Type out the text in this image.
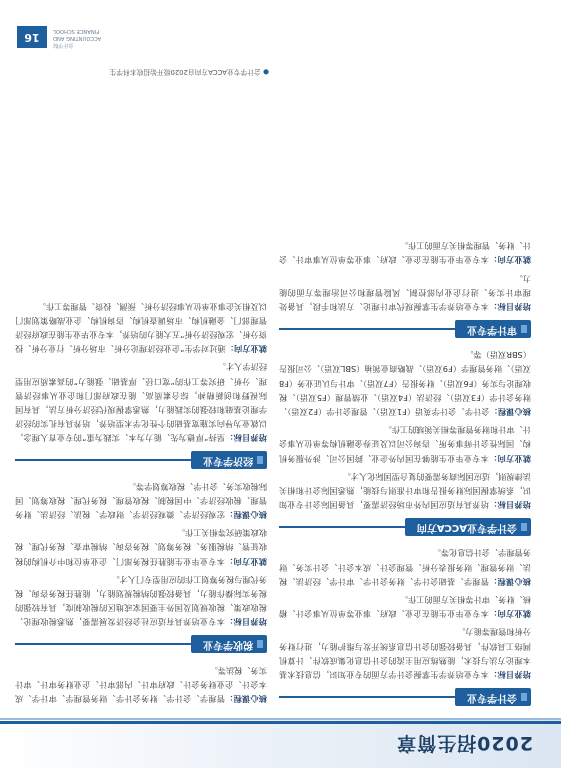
2020招生简章
会计学专业

培养目标：本专业培养学生掌握会计学方面的专业知识，信息技术基本理论方法与技术，能熟练应用主流的会计信息化集成软件、计算机网络工具软件，具备较强的会计信息系统开发与维护能力，进行财务分析和管理等能力。

就业方向：本专业毕业生能在企业、政府、事业等单位从事会计、稽核、财务、审计等相关方面的工作。

核心课程：管理学、基础会计学、财务会计学、审计学、经济法、税法、财务管理、财务报表分析、管理会计、成本会计、会计实务、财务管理学、会计信息化等。

会计学专业ACCA方向

培养目标：培养具有适应国内外市场经济需要，具备国际会计专业知识，系统掌握国际财务报告和审计准则与技能，熟悉国际会计和相关法律规则，适应国际商务需要的复合型国际化人才。

就业方向：本专业毕业生能够在国内外企业、跨国公司、涉外服务机构、国际性会计师事务所、咨询公司以及证券金融机构等单位从事会计、审计和财务管理等相关领域的工作。

核心课程：会计学、会计学英语（F1双语）、管理会计学（F2双语）、财务会计学（F3双语）、经济法（F4双语）、业绩管理（F5双语）、税收理论与实务（F6双语）、财务报告（F7双语）、审计与认证业务（F8双语）、财务管理学（F9双语）、战略商业领袖（SBL双语）、公司报告（SBR双语）等。

审计学专业

培养目标：本专业培养学生掌握现代审计理论、方法和手段，具备处理审计实务、进行企业内部控制、风险管理和公司治理等方面的能力。

就业方向：本专业毕业生能在企业、政府、事业等单位从事审计、会计、财务、管理等相关方面的工作。

核心课程：管理学、会计学、财务会计学、财务管理学、审计学、成本会计、企业财务会计、政府审计、内部审计、企业财务审计、审计实务、税法等。

税收学专业

培养目标：本专业培养具有适应社会经济发展需要，熟悉税收理论、税收政策、税收规划及国外主要国家或地区的税收制度，具有较强的税务实际操作能力，具备较强的纳税规划能力，能胜任税务咨询、税务代理与税务筹划工作的应用型专门人才。

就业方向：本专业毕业生能胜任税务部门、企业单位和中介机构的税收征管、纳税服务、税务筹划、税务咨询、纳税审查、税务代理、税收政策研究等相关工作。

核心课程：宏观经济学、微观经济学、财政学、税法、经济法、财务管理、税收经济学、中国税制、税收管理、税务代理、税收筹划、国际税收实务、会计学、税收筹划学等。

经济学专业

培养目标：坚持“厚德为先、能力为本、实践为重”的专业育人理念，以就业为导向实施宽基础的个性化学术型培养，培养具有扎实的经济学理论基础和较强的实践能力，熟悉掌握现代经济分析方法，具有国际视野和创新精神，综合素质高、能在政府部门和企业从事经济管理、分析、研究等工作的“宽口径、厚基础、强能力”的高素质应用型经济学人才。

就业方向：通过对学生“企业经济理论分析、市场分析、行业分析、投资分析、宏观经济分析”五大能力的培养，本专业毕业生能在政府经济管理部门、金融机构、市场调查机构、咨询机构、企业战略策划部门以及相关企事业单位从事经济分析、预测、投资、管理等工作。

● 会计学专业ACCA方向自2020级开始招收本科学生
会计学院
ACCOUNTING AND
FINANCE SCHOOL
16
